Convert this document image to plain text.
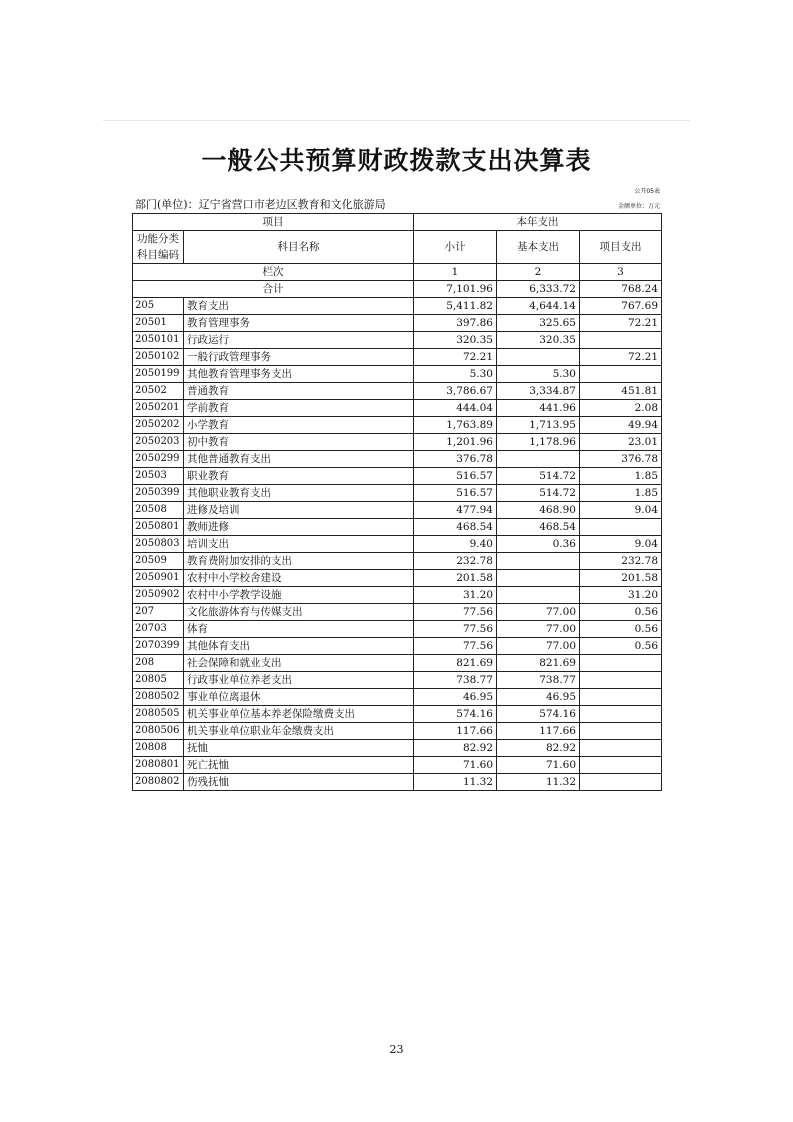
一般公共预算财政拨款支出决算表
公开05表
金额单位：万元
部门(单位)：辽宁省营口市老边区教育和文化旅游局
项目		本年支出		
功能分类科目编码	科目名称	小计	基本支出	项目支出
栏次		1	2	3
合计		7,101.96	6,333.72	768.24
205	教育支出	5,411.82	4,644.14	767.69
20501	教育管理事务	397.86	325.65	72.21
2050101	行政运行	320.35	320.35	
2050102	一般行政管理事务	72.21		72.21
2050199	其他教育管理事务支出	5.30	5.30	
20502	普通教育	3,786.67	3,334.87	451.81
2050201	学前教育	444.04	441.96	2.08
2050202	小学教育	1,763.89	1,713.95	49.94
2050203	初中教育	1,201.96	1,178.96	23.01
2050299	其他普通教育支出	376.78		376.78
20503	职业教育	516.57	514.72	1.85
2050399	其他职业教育支出	516.57	514.72	1.85
20508	进修及培训	477.94	468.90	9.04
2050801	教师进修	468.54	468.54	
2050803	培训支出	9.40	0.36	9.04
20509	教育费附加安排的支出	232.78		232.78
2050901	农村中小学校舍建设	201.58		201.58
2050902	农村中小学教学设施	31.20		31.20
207	文化旅游体育与传媒支出	77.56	77.00	0.56
20703	体育	77.56	77.00	0.56
2070399	其他体育支出	77.56	77.00	0.56
208	社会保障和就业支出	821.69	821.69	
20805	行政事业单位养老支出	738.77	738.77	
2080502	事业单位离退休	46.95	46.95	
2080505	机关事业单位基本养老保险缴费支出	574.16	574.16	
2080506	机关事业单位职业年金缴费支出	117.66	117.66	
20808	抚恤	82.92	82.92	
2080801	死亡抚恤	71.60	71.60	
2080802	伤残抚恤	11.32	11.32	
23
